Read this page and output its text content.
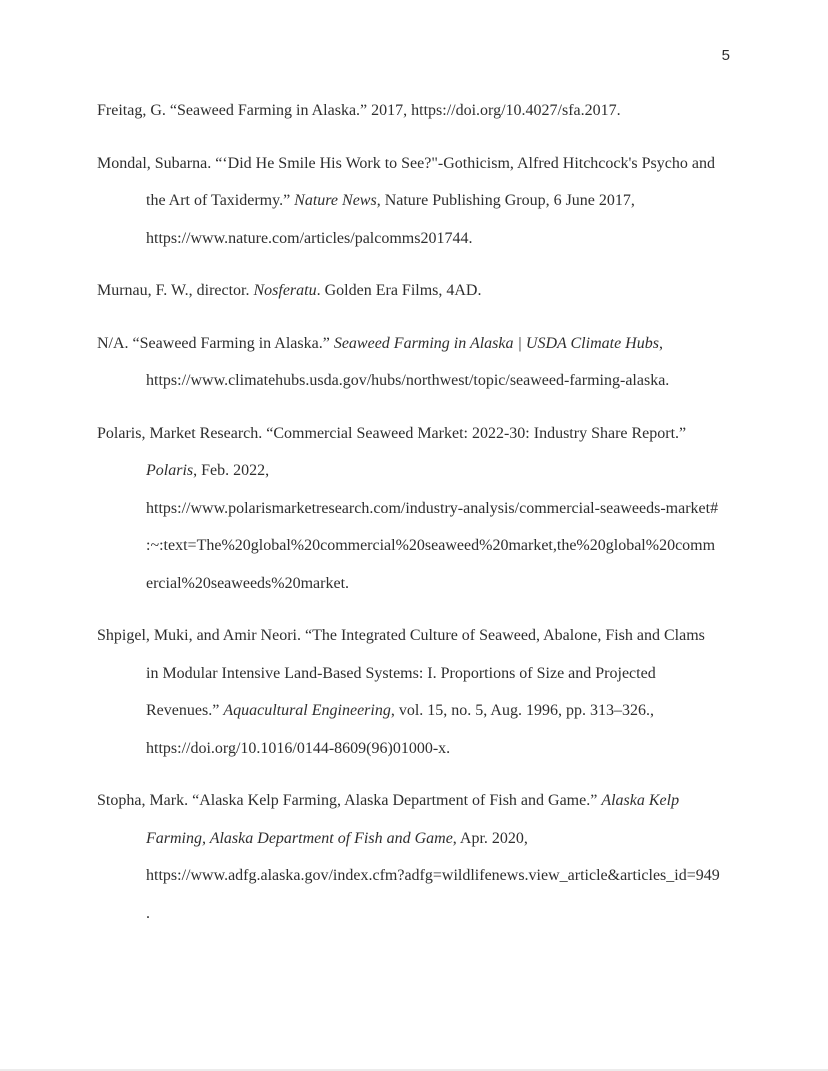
5

Freitag, G. “Seaweed Farming in Alaska.” 2017, https://doi.org/10.4027/sfa.2017.

Mondal, Subarna. “‘Did He Smile His Work to See?"-Gothicism, Alfred Hitchcock's Psycho and
the Art of Taxidermy.” Nature News, Nature Publishing Group, 6 June 2017,
https://www.nature.com/articles/palcomms201744.

Murnau, F. W., director. Nosferatu. Golden Era Films, 4AD.

N/A. “Seaweed Farming in Alaska.” Seaweed Farming in Alaska | USDA Climate Hubs,
https://www.climatehubs.usda.gov/hubs/northwest/topic/seaweed-farming-alaska.

Polaris, Market Research. “Commercial Seaweed Market: 2022-30: Industry Share Report.”
Polaris, Feb. 2022,
https://www.polarismarketresearch.com/industry-analysis/commercial-seaweeds-market#
:~:text=The%20global%20commercial%20seaweed%20market,the%20global%20comm
ercial%20seaweeds%20market.

Shpigel, Muki, and Amir Neori. “The Integrated Culture of Seaweed, Abalone, Fish and Clams
in Modular Intensive Land-Based Systems: I. Proportions of Size and Projected
Revenues.” Aquacultural Engineering, vol. 15, no. 5, Aug. 1996, pp. 313–326.,
https://doi.org/10.1016/0144-8609(96)01000-x.

Stopha, Mark. “Alaska Kelp Farming, Alaska Department of Fish and Game.” Alaska Kelp
Farming, Alaska Department of Fish and Game, Apr. 2020,
https://www.adfg.alaska.gov/index.cfm?adfg=wildlifenews.view_article&articles_id=949
.
